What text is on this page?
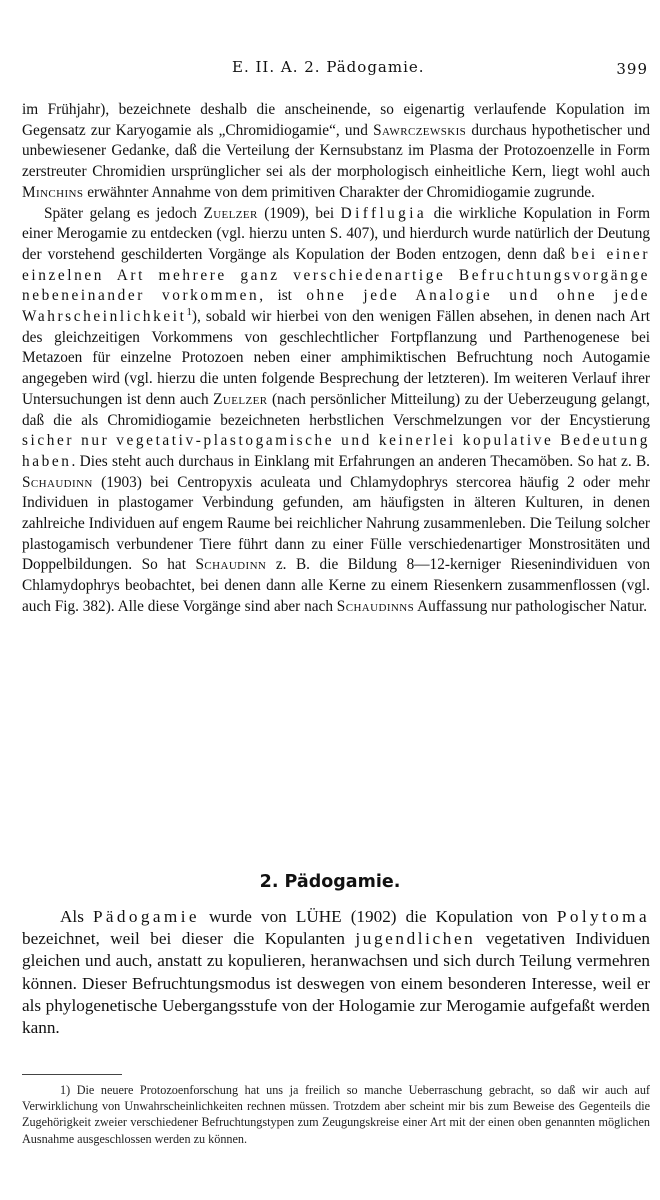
E. II. A. 2. Pädogamie.	399

im Frühjahr), bezeichnete deshalb die anscheinende, so eigenartig verlaufende Kopulation im Gegensatz zur Karyogamie als „Chromidiogamie“, und Sawrczewskis durchaus hypothetischer und unbewiesener Gedanke, daß die Verteilung der Kernsubstanz im Plasma der Protozoenzelle in Form zerstreuter Chromidien ursprünglicher sei als der morphologisch einheitliche Kern, liegt wohl auch Minchins erwähnter Annahme von dem primitiven Charakter der Chromidiogamie zugrunde.

Später gelang es jedoch Zuelzer (1909), bei Difflugia die wirkliche Kopulation in Form einer Merogamie zu entdecken (vgl. hierzu unten S. 407), und hierdurch wurde natürlich der Deutung der vorstehend geschilderten Vorgänge als Kopulation der Boden entzogen, denn daß bei einer einzelnen Art mehrere ganz verschiedenartige Befruchtungsvorgänge nebeneinander vorkommen, ist ohne jede Analogie und ohne jede Wahrscheinlichkeit$^1$), sobald wir hierbei von den wenigen Fällen absehen, in denen nach Art des gleichzeitigen Vorkommens von geschlechtlicher Fortpflanzung und Parthenogenese bei Metazoen für einzelne Protozoen neben einer amphimiktischen Befruchtung noch Autogamie angegeben wird (vgl. hierzu die unten folgende Besprechung der letzteren). Im weiteren Verlauf ihrer Untersuchungen ist denn auch Zuelzer (nach persönlicher Mitteilung) zu der Ueberzeugung gelangt, daß die als Chromidiogamie bezeichneten herbstlichen Verschmelzungen vor der Encystierung sicher nur vegetativ-plastogamische und keinerlei kopulative Bedeutung haben. Dies steht auch durchaus in Einklang mit Erfahrungen an anderen Thecamöben. So hat z. B. Schaudinn (1903) bei Centropyxis aculeata und Chlamydophrys stercorea häufig 2 oder mehr Individuen in plastogamer Verbindung gefunden, am häufigsten in älteren Kulturen, in denen zahlreiche Individuen auf engem Raume bei reichlicher Nahrung zusammenleben. Die Teilung solcher plastogamisch verbundener Tiere führt dann zu einer Fülle verschiedenartiger Monstrositäten und Doppelbildungen. So hat Schaudinn z. B. die Bildung 8—12-kerniger Riesenindividuen von Chlamydophrys beobachtet, bei denen dann alle Kerne zu einem Riesenkern zusammenflossen (vgl. auch Fig. 382). Alle diese Vorgänge sind aber nach Schaudinns Auffassung nur pathologischer Natur.

2. Pädogamie.

Als Pädogamie wurde von LÜHE (1902) die Kopulation von Polytoma bezeichnet, weil bei dieser die Kopulanten jugendlichen vegetativen Individuen gleichen und auch, anstatt zu kopulieren, heranwachsen und sich durch Teilung vermehren können. Dieser Befruchtungsmodus ist deswegen von einem besonderen Interesse, weil er als phylogenetische Uebergangsstufe von der Hologamie zur Merogamie aufgefaßt werden kann.

1) Die neuere Protozoenforschung hat uns ja freilich so manche Ueberraschung gebracht, so daß wir auch auf Verwirklichung von Unwahrscheinlichkeiten rechnen müssen. Trotzdem aber scheint mir bis zum Beweise des Gegenteils die Zugehörigkeit zweier verschiedener Befruchtungstypen zum Zeugungskreise einer Art mit der einen oben genannten möglichen Ausnahme ausgeschlossen werden zu können.
